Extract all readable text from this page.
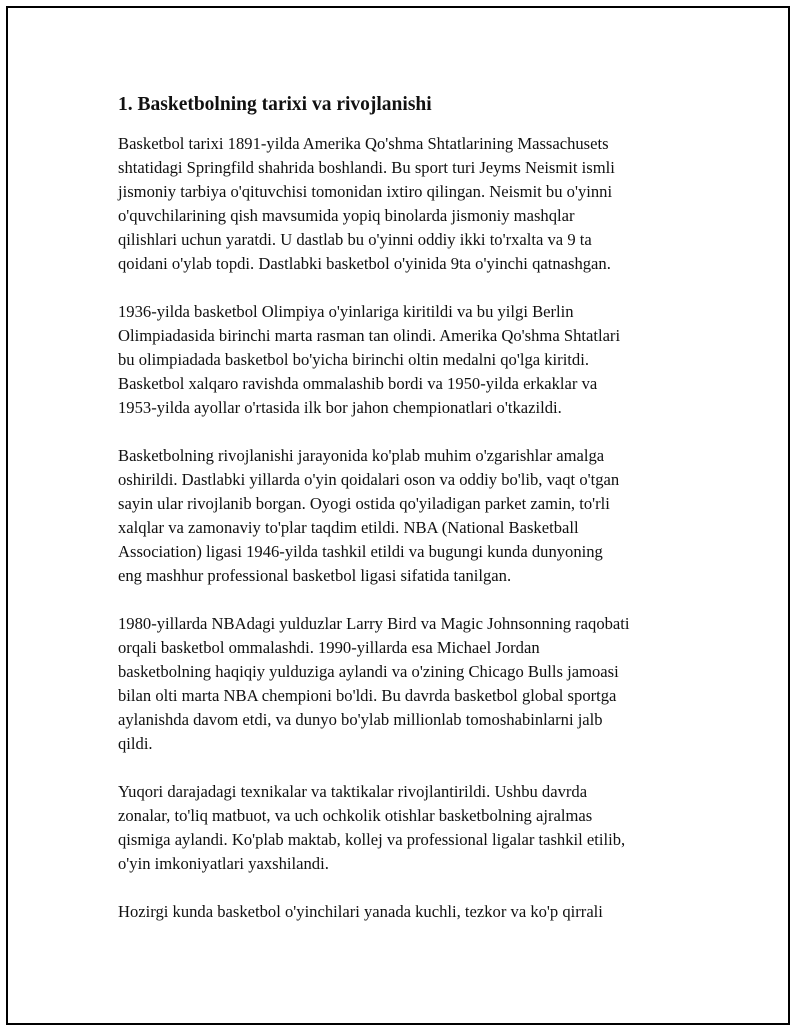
1. Basketbolning tarixi va rivojlanishi

Basketbol tarixi 1891-yilda Amerika Qo'shma Shtatlarining Massachusets
shtatidagi Springfild shahrida boshlandi. Bu sport turi Jeyms Neismit ismli
jismoniy tarbiya o'qituvchisi tomonidan ixtiro qilingan. Neismit bu o'yinni
o'quvchilarining qish mavsumida yopiq binolarda jismoniy mashqlar
qilishlari uchun yaratdi. U dastlab bu o'yinni oddiy ikki to'rxalta va 9 ta
qoidani o'ylab topdi. Dastlabki basketbol o'yinida 9ta o'yinchi qatnashgan.

1936-yilda basketbol Olimpiya o'yinlariga kiritildi va bu yilgi Berlin
Olimpiadasida birinchi marta rasman tan olindi. Amerika Qo'shma Shtatlari
bu olimpiadada basketbol bo'yicha birinchi oltin medalni qo'lga kiritdi.
Basketbol xalqaro ravishda ommalashib bordi va 1950-yilda erkaklar va
1953-yilda ayollar o'rtasida ilk bor jahon chempionatlari o'tkazildi.

Basketbolning rivojlanishi jarayonida ko'plab muhim o'zgarishlar amalga
oshirildi. Dastlabki yillarda o'yin qoidalari oson va oddiy bo'lib, vaqt o'tgan
sayin ular rivojlanib borgan. Oyogi ostida qo'yiladigan parket zamin, to'rli
xalqlar va zamonaviy to'plar taqdim etildi. NBA (National Basketball
Association) ligasi 1946-yilda tashkil etildi va bugungi kunda dunyoning
eng mashhur professional basketbol ligasi sifatida tanilgan.

1980-yillarda NBAdagi yulduzlar Larry Bird va Magic Johnsonning raqobati
orqali basketbol ommalashdi. 1990-yillarda esa Michael Jordan
basketbolning haqiqiy yulduziga aylandi va o'zining Chicago Bulls jamoasi
bilan olti marta NBA chempioni bo'ldi. Bu davrda basketbol global sportga
aylanishda davom etdi, va dunyo bo'ylab millionlab tomoshabinlarni jalb
qildi.

Yuqori darajadagi texnikalar va taktikalar rivojlantirildi. Ushbu davrda
zonalar, to'liq matbuot, va uch ochkolik otishlar basketbolning ajralmas
qismiga aylandi. Ko'plab maktab, kollej va professional ligalar tashkil etilib,
o'yin imkoniyatlari yaxshilandi.

Hozirgi kunda basketbol o'yinchilari yanada kuchli, tezkor va ko'p qirrali
